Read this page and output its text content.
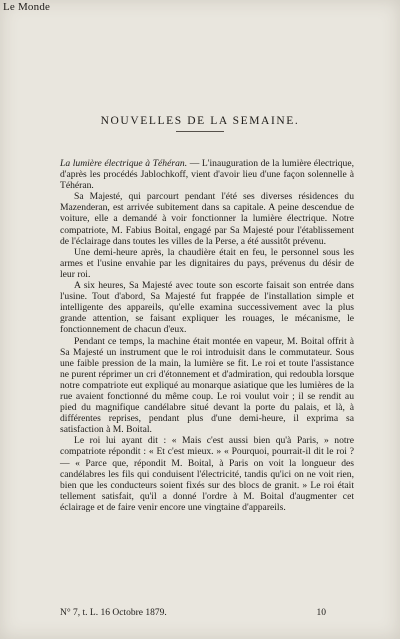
Le Monde
NOUVELLES DE LA SEMAINE.

La lumière électrique à Téhéran. — L'inauguration de la lumière électrique, d'après les procédés Jablochkoff, vient d'avoir lieu d'une façon solennelle à Téhéran.

Sa Majesté, qui parcourt pendant l'été ses diverses résidences du Mazenderan, est arrivée subitement dans sa capitale. A peine descendue de voiture, elle a demandé à voir fonctionner la lumière électrique. Notre compatriote, M. Fabius Boital, engagé par Sa Majesté pour l'établissement de l'éclairage dans toutes les villes de la Perse, a été aussitôt prévenu.

Une demi-heure après, la chaudière était en feu, le personnel sous les armes et l'usine envahie par les dignitaires du pays, prévenus du désir de leur roi.

A six heures, Sa Majesté avec toute son escorte faisait son entrée dans l'usine. Tout d'abord, Sa Majesté fut frappée de l'installation simple et intelligente des appareils, qu'elle examina successivement avec la plus grande attention, se faisant expliquer les rouages, le mécanisme, le fonctionnement de chacun d'eux.

Pendant ce temps, la machine était montée en vapeur, M. Boital offrit à Sa Majesté un instrument que le roi introduisit dans le commutateur. Sous une faible pression de la main, la lumière se fit. Le roi et toute l'assistance ne purent réprimer un cri d'étonnement et d'admiration, qui redoubla lorsque notre compatriote eut expliqué au monarque asiatique que les lumières de la rue avaient fonctionné du même coup. Le roi voulut voir ; il se rendit au pied du magnifique candélabre situé devant la porte du palais, et là, à différentes reprises, pendant plus d'une demi-heure, il exprima sa satisfaction à M. Boital.

Le roi lui ayant dit : « Mais c'est aussi bien qu'à Paris, » notre compatriote répondit : « Et c'est mieux. » « Pourquoi, pourrait-il dit le roi ? — « Parce que, répondit M. Boital, à Paris on voit la longueur des candélabres les fils qui conduisent l'électricité, tandis qu'ici on ne voit rien, bien que les conducteurs soient fixés sur des blocs de granit. » Le roi était tellement satisfait, qu'il a donné l'ordre à M. Boital d'augmenter cet éclairage et de faire venir encore une vingtaine d'appareils.

N° 7, t. L. 16 Octobre 1879.	10
